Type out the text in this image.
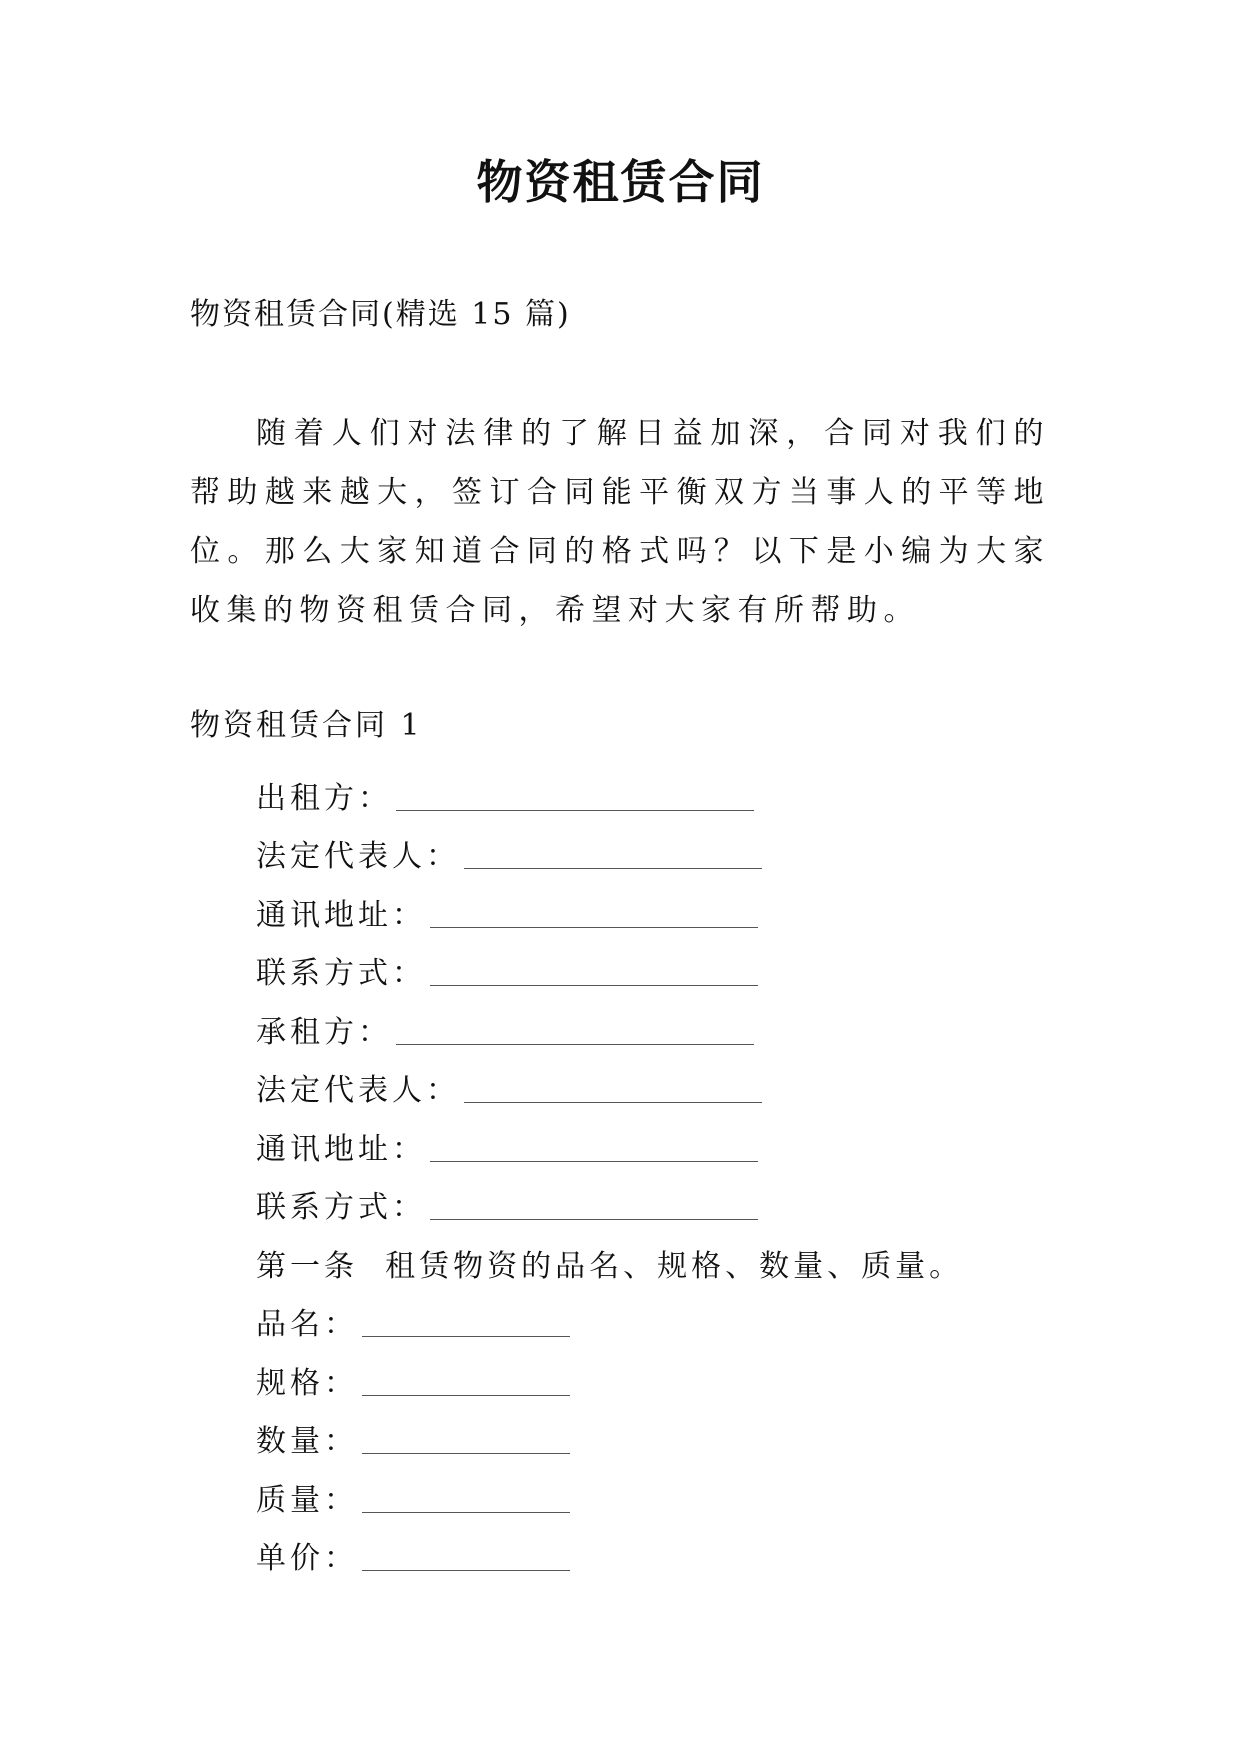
物资租赁合同

物资租赁合同(精选 15 篇)

随着人们对法律的了解日益加深，合同对我们的帮助越来越大，签订合同能平衡双方当事人的平等地位。那么大家知道合同的格式吗？以下是小编为大家收集的物资租赁合同，希望对大家有所帮助。

物资租赁合同 1

出租方：
法定代表人：
通讯地址：
联系方式：
承租方：
法定代表人：
通讯地址：
联系方式：
第一条  租赁物资的品名、规格、数量、质量。
品名：
规格：
数量：
质量：
单价：
